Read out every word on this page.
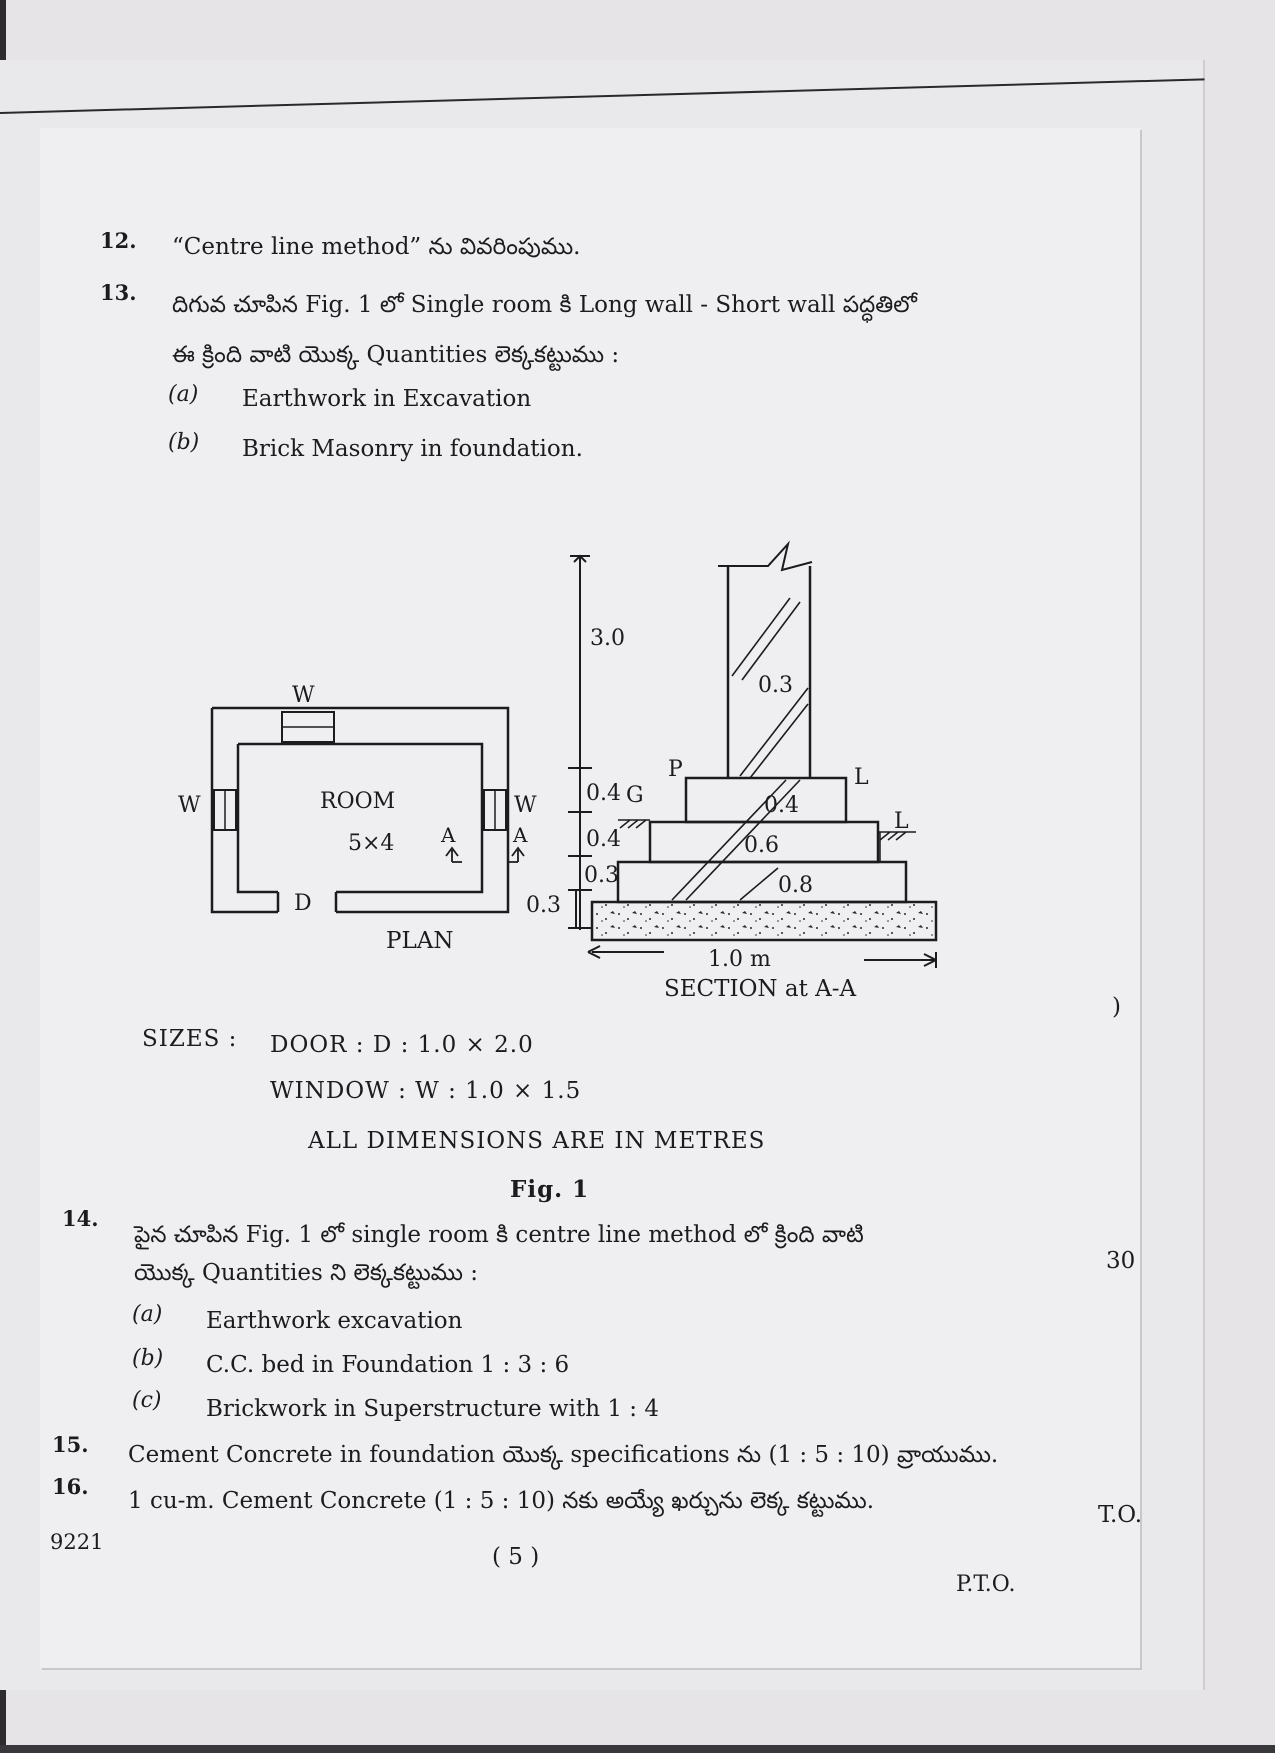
12. “Centre line method” ను వివరింపుము.
13. దిగువ చూపిన Fig. 1 లో Single room కి Long wall - Short wall పద్ధతిలో
ఈ క్రింది వాటి యొక్క Quantities లెక్కకట్టుము :
(a) Earthwork in Excavation
(b) Brick Masonry in foundation.
W
W	W
ROOM
5×4 A	A
D
PLAN
3.0
0.3
P	L
L
0.4 G	0.4
0.4	0.6
0.3	0.8
0.3
1.0 m
SECTION at A-A
SIZES : DOOR : D : 1.0 × 2.0
WINDOW : W : 1.0 × 1.5
ALL DIMENSIONS ARE IN METRES
Fig. 1
14.
పైన చూపిన Fig. 1 లో single room కి centre line method లో క్రింది వాటి
30
యొక్క Quantities ని లెక్కకట్టుము :
(a) Earthwork excavation
(b) C.C. bed in Foundation 1 : 3 : 6
(c) Brickwork in Superstructure with 1 : 4
15. Cement Concrete in foundation యొక్క specifications ను (1 : 5 : 10) వ్రాయుము.
16.
1 cu-m. Cement Concrete (1 : 5 : 10) నకు అయ్యే ఖర్చును లెక్క కట్టుము.
T.O.
)
9221
( 5 )
P.T.O.
